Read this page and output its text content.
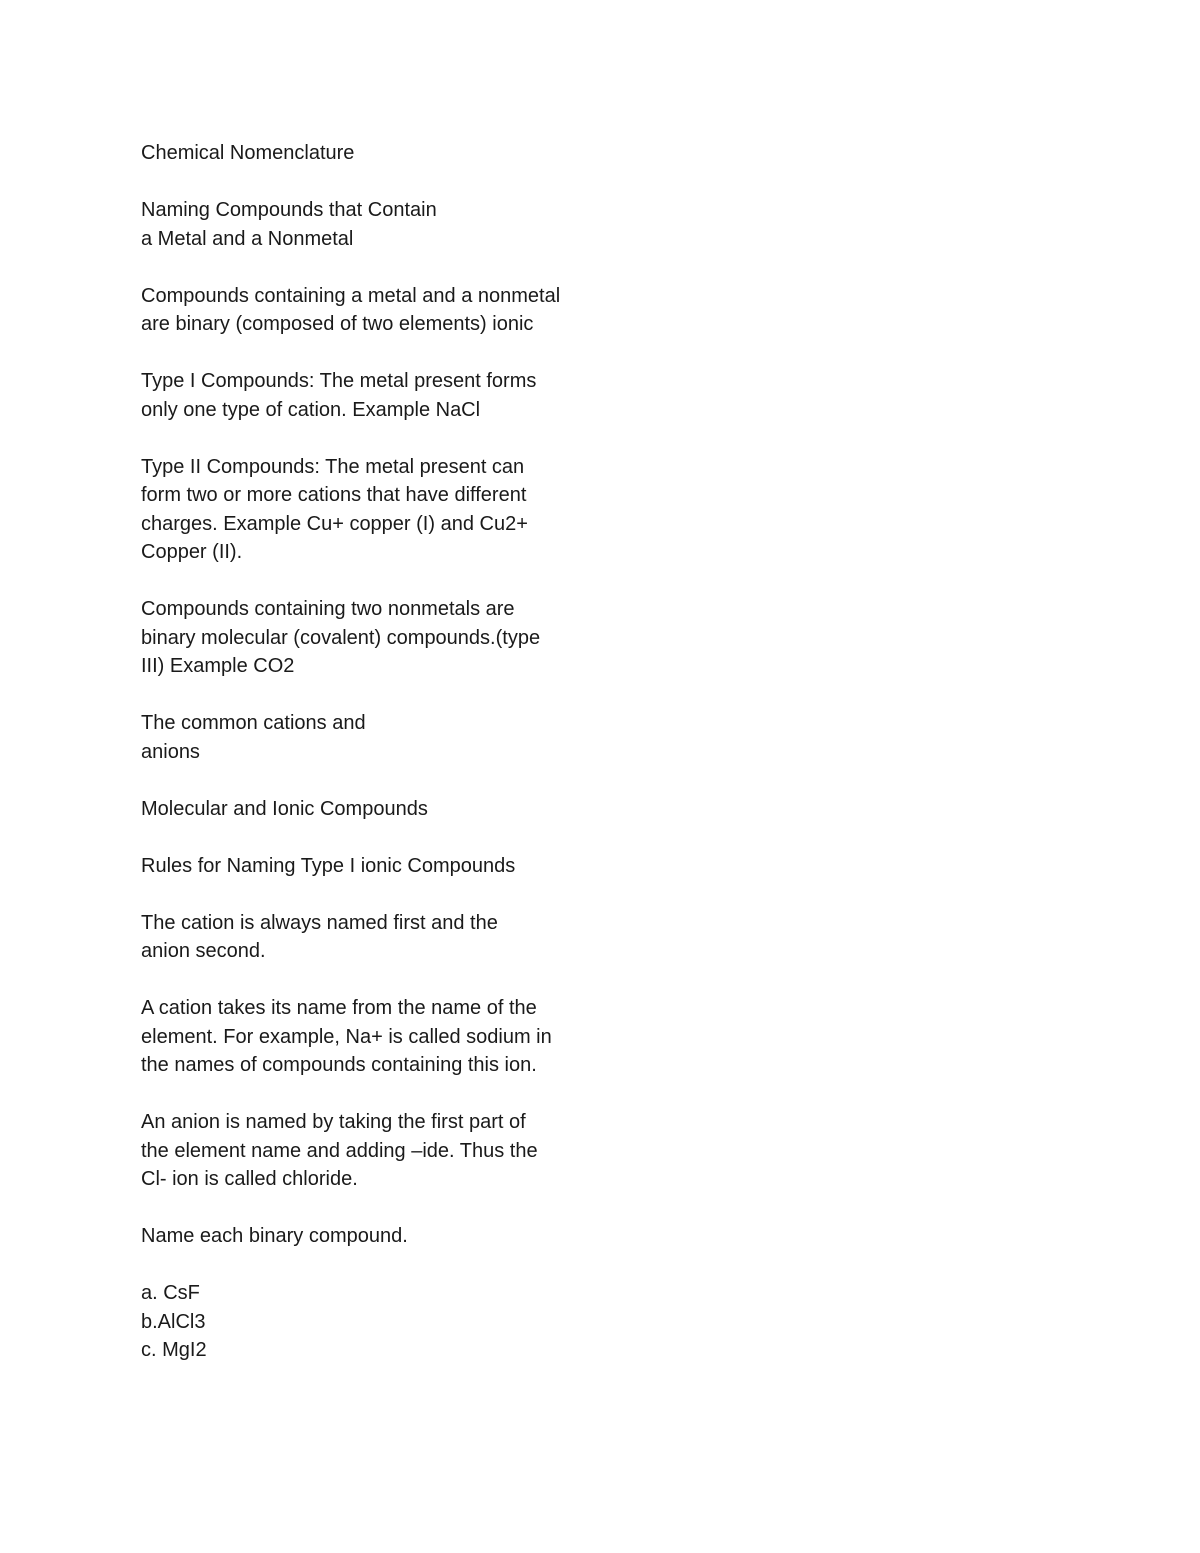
Chemical Nomenclature

Naming Compounds that Contain
a Metal and a Nonmetal

Compounds containing a metal and a nonmetal
are binary (composed of two elements) ionic

Type I Compounds: The metal present forms
only one type of cation. Example NaCl

Type II Compounds: The metal present can
form two or more cations that have different
charges. Example Cu+ copper (I) and Cu2+
Copper (II).

Compounds containing two nonmetals are
binary molecular (covalent) compounds.(type
III) Example CO2

The common cations and
anions

Molecular and Ionic Compounds

Rules for Naming Type I ionic Compounds

The cation is always named first and the
anion second.

A cation takes its name from the name of the
element. For example, Na+ is called sodium in
the names of compounds containing this ion.

An anion is named by taking the first part of
the element name and adding –ide. Thus the
Cl- ion is called chloride.

Name each binary compound.

a. CsF
b.AlCl3
c. MgI2
